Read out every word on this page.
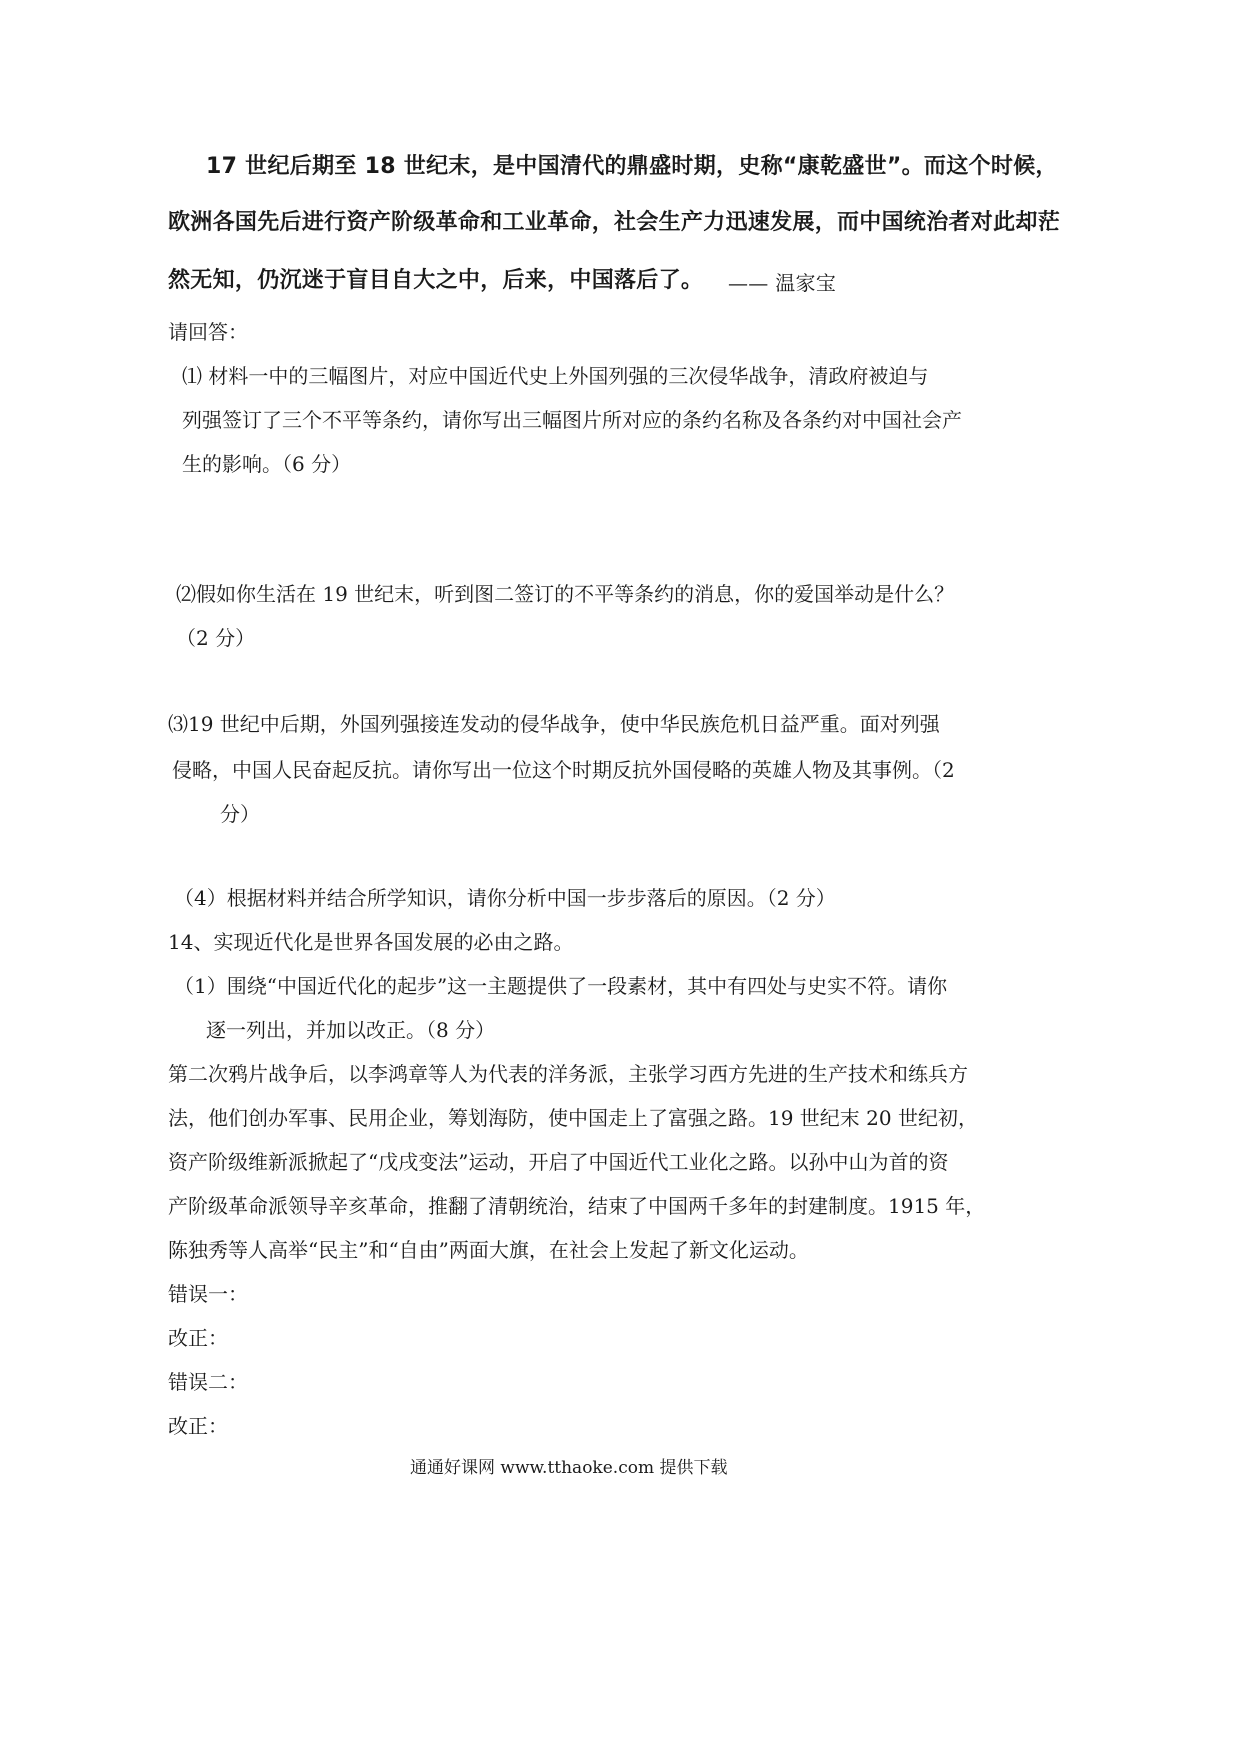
17 世纪后期至 18 世纪末，是中国清代的鼎盛时期，史称“康乾盛世”。而这个时候，
欧洲各国先后进行资产阶级革命和工业革命，社会生产力迅速发展，而中国统治者对此却茫
然无知，仍沉迷于盲目自大之中，后来，中国落后了。 —— 温家宝
请回答：
⑴ 材料一中的三幅图片，对应中国近代史上外国列强的三次侵华战争，清政府被迫与
列强签订了三个不平等条约，请你写出三幅图片所对应的条约名称及各条约对中国社会产
生的影响。（6 分）
⑵假如你生活在 19 世纪末，听到图二签订的不平等条约的消息，你的爱国举动是什么？
（2 分）
⑶19 世纪中后期，外国列强接连发动的侵华战争，使中华民族危机日益严重。面对列强
侵略，中国人民奋起反抗。请你写出一位这个时期反抗外国侵略的英雄人物及其事例。（2
分）
（4）根据材料并结合所学知识，请你分析中国一步步落后的原因。（2 分）
14、实现近代化是世界各国发展的必由之路。
（1）围绕“中国近代化的起步”这一主题提供了一段素材，其中有四处与史实不符。请你
逐一列出，并加以改正。（8 分）
第二次鸦片战争后，以李鸿章等人为代表的洋务派，主张学习西方先进的生产技术和练兵方
法，他们创办军事、民用企业，筹划海防，使中国走上了富强之路。19 世纪末 20 世纪初，
资产阶级维新派掀起了“戊戌变法”运动，开启了中国近代工业化之路。以孙中山为首的资
产阶级革命派领导辛亥革命，推翻了清朝统治，结束了中国两千多年的封建制度。1915 年，
陈独秀等人高举“民主”和“自由”两面大旗，在社会上发起了新文化运动。
错误一：
改正：
错误二：
改正：
通通好课网 www.tthaoke.com 提供下载
